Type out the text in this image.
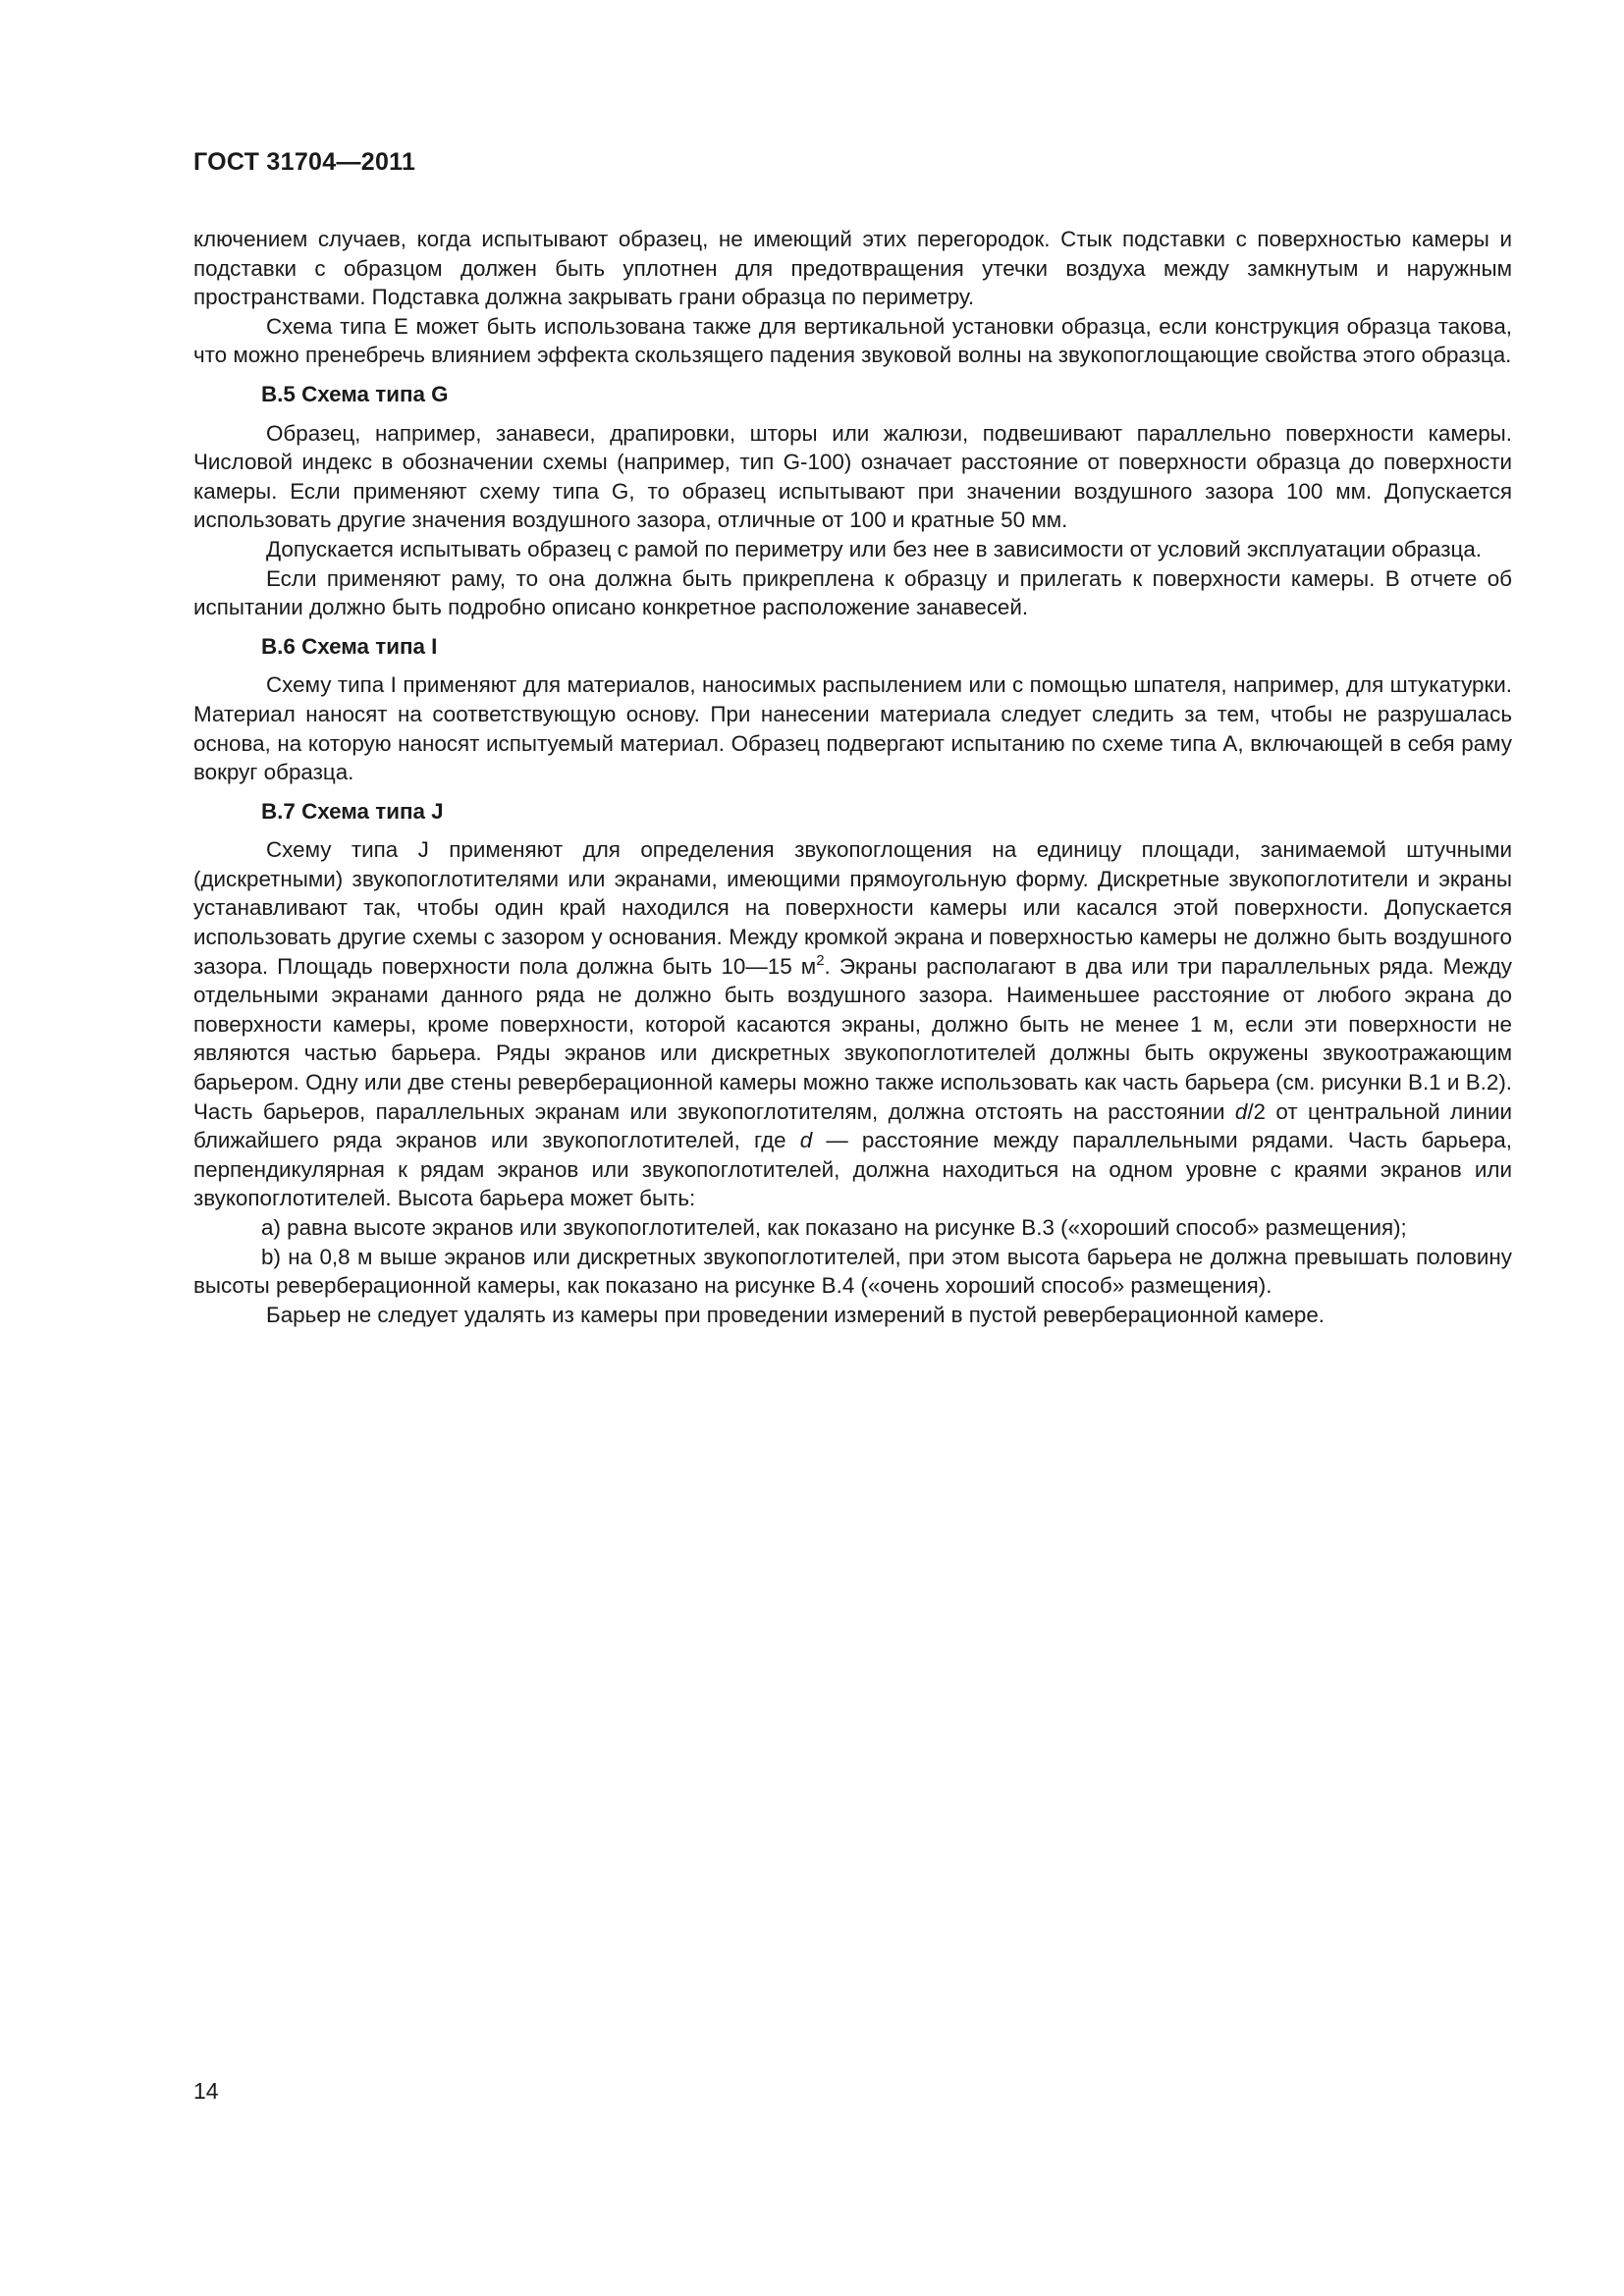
ГОСТ 31704—2011

ключением случаев, когда испытывают образец, не имеющий этих перегородок. Стык подставки с поверхностью камеры и подставки с образцом должен быть уплотнен для предотвращения утечки воздуха между замкнутым и наружным пространствами. Подставка должна закрывать грани образца по периметру.

Схема типа E может быть использована также для вертикальной установки образца, если конструкция образца такова, что можно пренебречь влиянием эффекта скользящего падения звуковой волны на звукопоглощающие свойства этого образца.

В.5 Схема типа G

Образец, например, занавеси, драпировки, шторы или жалюзи, подвешивают параллельно поверхности камеры. Числовой индекс в обозначении схемы (например, тип G-100) означает расстояние от поверхности образца до поверхности камеры. Если применяют схему типа G, то образец испытывают при значении воздушного зазора 100 мм. Допускается использовать другие значения воздушного зазора, отличные от 100 и кратные 50 мм.

Допускается испытывать образец с рамой по периметру или без нее в зависимости от условий эксплуатации образца.

Если применяют раму, то она должна быть прикреплена к образцу и прилегать к поверхности камеры. В отчете об испытании должно быть подробно описано конкретное расположение занавесей.

В.6 Схема типа I

Схему типа I применяют для материалов, наносимых распылением или с помощью шпателя, например, для штукатурки. Материал наносят на соответствующую основу. При нанесении материала следует следить за тем, чтобы не разрушалась основа, на которую наносят испытуемый материал. Образец подвергают испытанию по схеме типа A, включающей в себя раму вокруг образца.

В.7 Схема типа J

Схему типа J применяют для определения звукопоглощения на единицу площади, занимаемой штучными (дискретными) звукопоглотителями или экранами, имеющими прямоугольную форму. Дискретные звукопоглотители и экраны устанавливают так, чтобы один край находился на поверхности камеры или касался этой поверхности. Допускается использовать другие схемы с зазором у основания. Между кромкой экрана и поверхностью камеры не должно быть воздушного зазора. Площадь поверхности пола должна быть 10—15 $м^2$. Экраны располагают в два или три параллельных ряда. Между отдельными экранами данного ряда не должно быть воздушного зазора. Наименьшее расстояние от любого экрана до поверхности камеры, кроме поверхности, которой касаются экраны, должно быть не менее 1 м, если эти поверхности не являются частью барьера. Ряды экранов или дискретных звукопоглотителей должны быть окружены звукоотражающим барьером. Одну или две стены реверберационной камеры можно также использовать как часть барьера (см. рисунки В.1 и В.2). Часть барьеров, параллельных экранам или звукопоглотителям, должна отстоять на расстоянии d/2 от центральной линии ближайшего ряда экранов или звукопоглотителей, где d — расстояние между параллельными рядами. Часть барьера, перпендикулярная к рядам экранов или звукопоглотителей, должна находиться на одном уровне с краями экранов или звукопоглотителей. Высота барьера может быть:

a) равна высоте экранов или звукопоглотителей, как показано на рисунке В.3 («хороший способ» размещения);

b) на 0,8 м выше экранов или дискретных звукопоглотителей, при этом высота барьера не должна превышать половину высоты реверберационной камеры, как показано на рисунке В.4 («очень хороший способ» размещения).

Барьер не следует удалять из камеры при проведении измерений в пустой реверберационной камере.

14
